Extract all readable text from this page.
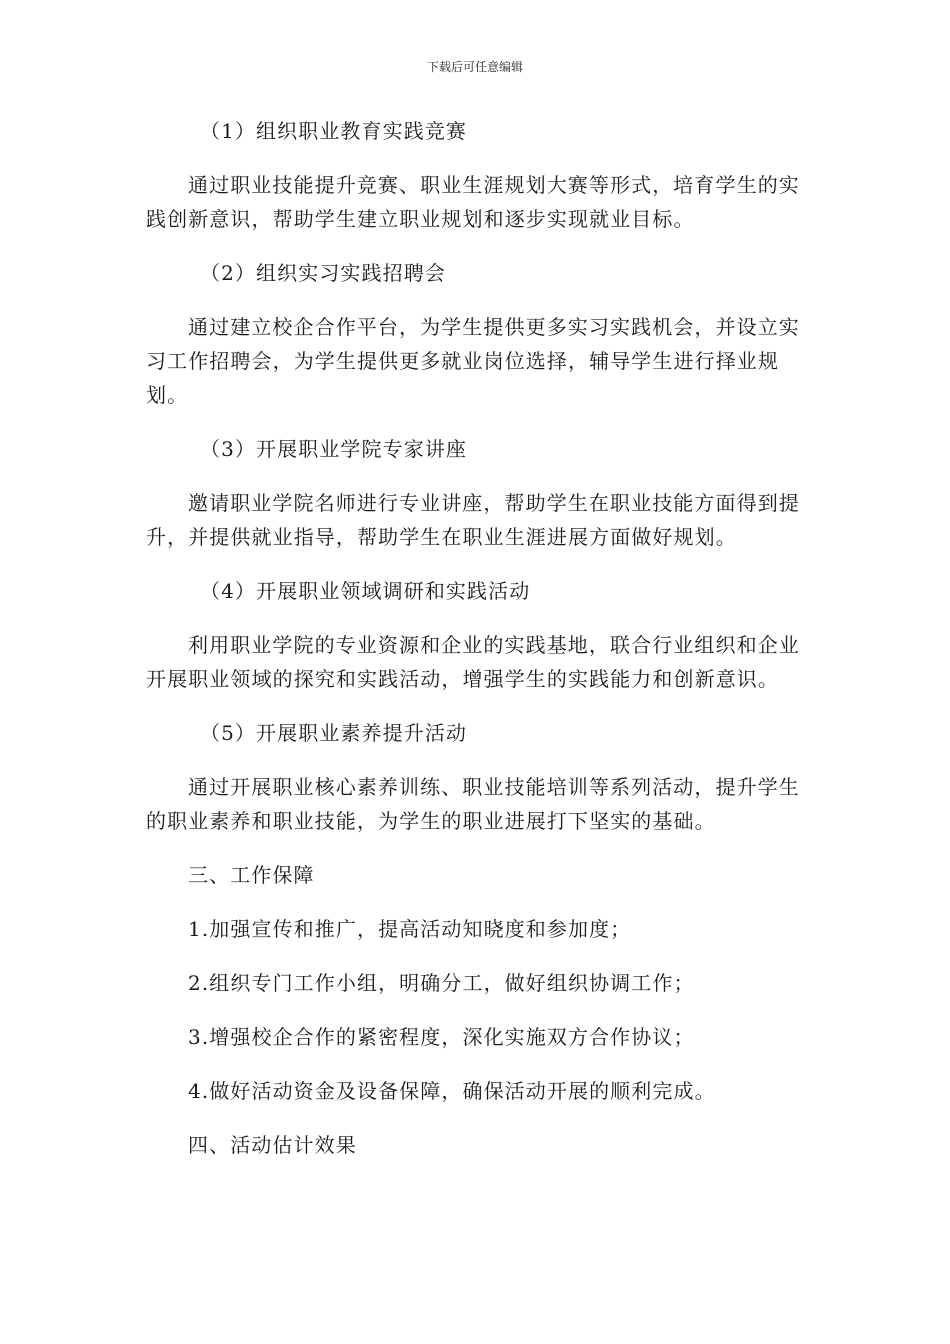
下载后可任意编辑

（1）组织职业教育实践竞赛

通过职业技能提升竞赛、职业生涯规划大赛等形式，培育学生的实践创新意识，帮助学生建立职业规划和逐步实现就业目标。

（2）组织实习实践招聘会

通过建立校企合作平台，为学生提供更多实习实践机会，并设立实习工作招聘会，为学生提供更多就业岗位选择，辅导学生进行择业规划。

（3）开展职业学院专家讲座

邀请职业学院名师进行专业讲座，帮助学生在职业技能方面得到提升，并提供就业指导，帮助学生在职业生涯进展方面做好规划。

（4）开展职业领域调研和实践活动

利用职业学院的专业资源和企业的实践基地，联合行业组织和企业开展职业领域的探究和实践活动，增强学生的实践能力和创新意识。

（5）开展职业素养提升活动

通过开展职业核心素养训练、职业技能培训等系列活动，提升学生的职业素养和职业技能，为学生的职业进展打下坚实的基础。

三、工作保障

1.加强宣传和推广，提高活动知晓度和参加度；

2.组织专门工作小组，明确分工，做好组织协调工作；

3.增强校企合作的紧密程度，深化实施双方合作协议；

4.做好活动资金及设备保障，确保活动开展的顺利完成。

四、活动估计效果
